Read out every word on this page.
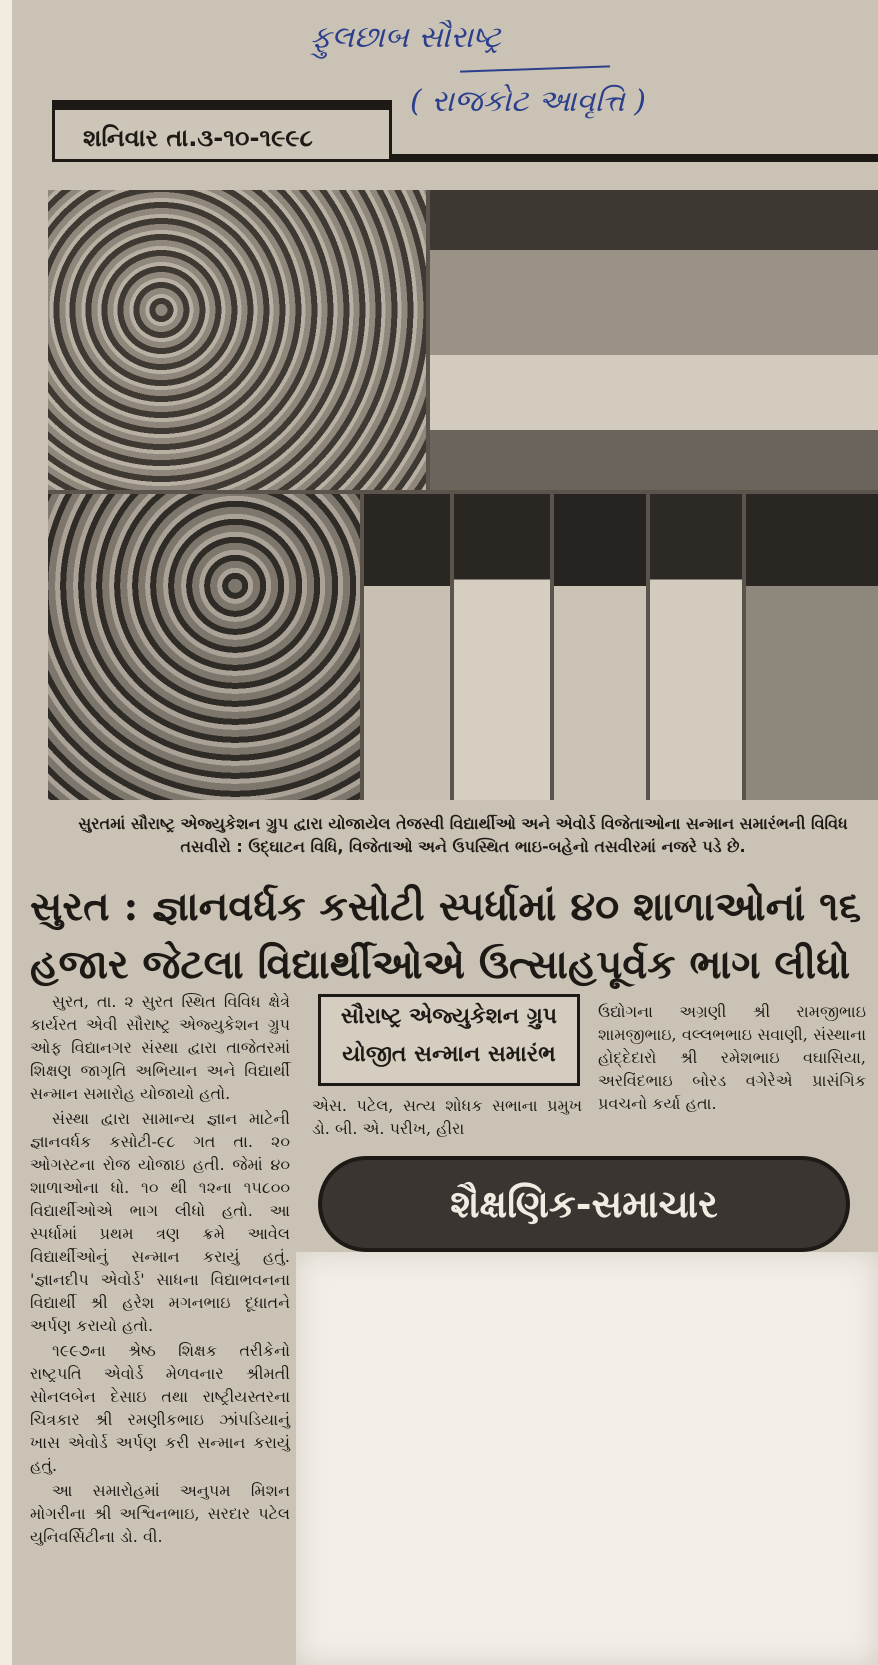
ફુલછાબ સૌરાષ્ટ્ર
( રાજકોટ આવૃત્તિ )
શનિવાર તા.૩-૧૦-૧૯૯૮
સુરતમાં સૌરાષ્ટ્ર એજ્યુકેશન ગ્રુપ દ્વારા યોજાયેલ તેજસ્વી વિદ્યાર્થીઓ અને એવોર્ડ વિજેતાઓના સન્માન સમારંભની વિવિધ તસવીરો : ઉદ્ઘાટન વિધિ, વિજેતાઓ અને ઉપસ્થિત ભાઇ-બહેનો તસવીરમાં નજરે પડે છે.
સુરત : જ્ઞાનવર્ધક કસોટી સ્પર્ધામાં ૪૦ શાળાઓનાં ૧૬
હજાર જેટલા વિદ્યાર્થીઓએ ઉત્સાહપૂર્વક ભાગ લીધો

સુરત, તા. ૨ સુરત સ્થિત વિવિધ ક્ષેત્રે કાર્યરત એવી સૌરાષ્ટ્ર એજ્યુકેશન ગ્રુપ ઓફ વિદ્યાનગર સંસ્થા દ્વારા તાજેતરમાં શિક્ષણ જાગૃતિ અભિયાન અને વિદ્યાર્થી સન્માન સમારોહ યોજાયો હતો.

સંસ્થા દ્વારા સામાન્ય જ્ઞાન માટેની જ્ઞાનવર્ધક કસોટી-૯૮ ગત તા. ૨૦ ઓગસ્ટના રોજ યોજાઇ હતી. જેમાં ૪૦ શાળાઓના ધો. ૧૦ થી ૧૨ના ૧૫૮૦૦ વિદ્યાર્થીઓએ ભાગ લીધો હતો. આ સ્પર્ધામાં પ્રથમ ત્રણ ક્રમે આવેલ વિદ્યાર્થીઓનું સન્માન કરાયું હતું. 'જ્ઞાનદીપ એવોર્ડ' સાધના વિદ્યાભવનના વિદ્યાર્થી શ્રી હરેશ મગનભાઇ દૂધાતને અર્પણ કરાયો હતો.

૧૯૯૭ના શ્રેષ્ઠ શિક્ષક તરીકેનો રાષ્ટ્રપતિ એવોર્ડ મેળવનાર શ્રીમતી સોનલબેન દેસાઇ તથા રાષ્ટ્રીયસ્તરના ચિત્રકાર શ્રી રમણીકભાઇ ઝાંપડિયાનું ખાસ એવોર્ડ અર્પણ કરી સન્માન કરાયું હતું.

આ સમારોહમાં અનુપમ મિશન મોગરીના શ્રી અશ્વિનભાઇ, સરદાર પટેલ યુનિવર્સિટીના ડો. વી.

સૌરાષ્ટ્ર એજ્યુકેશન ગ્રુપ
યોજીત સન્માન સમારંભ
એસ. પટેલ, સત્ય શોધક સભાના પ્રમુખ ડો. બી. એ. પરીખ, હીરા
ઉદ્યોગના અગ્રણી શ્રી રામજીભાઇ શામજીભાઇ, વલ્લભભાઇ સવાણી, સંસ્થાના હોદ્દેદારો શ્રી રમેશભાઇ વઘાસિયા, અરવિંદભાઇ બોરડ વગેરેએ પ્રાસંગિક પ્રવચનો કર્યા હતા.
શૈક્ષણિક-સમાચાર
